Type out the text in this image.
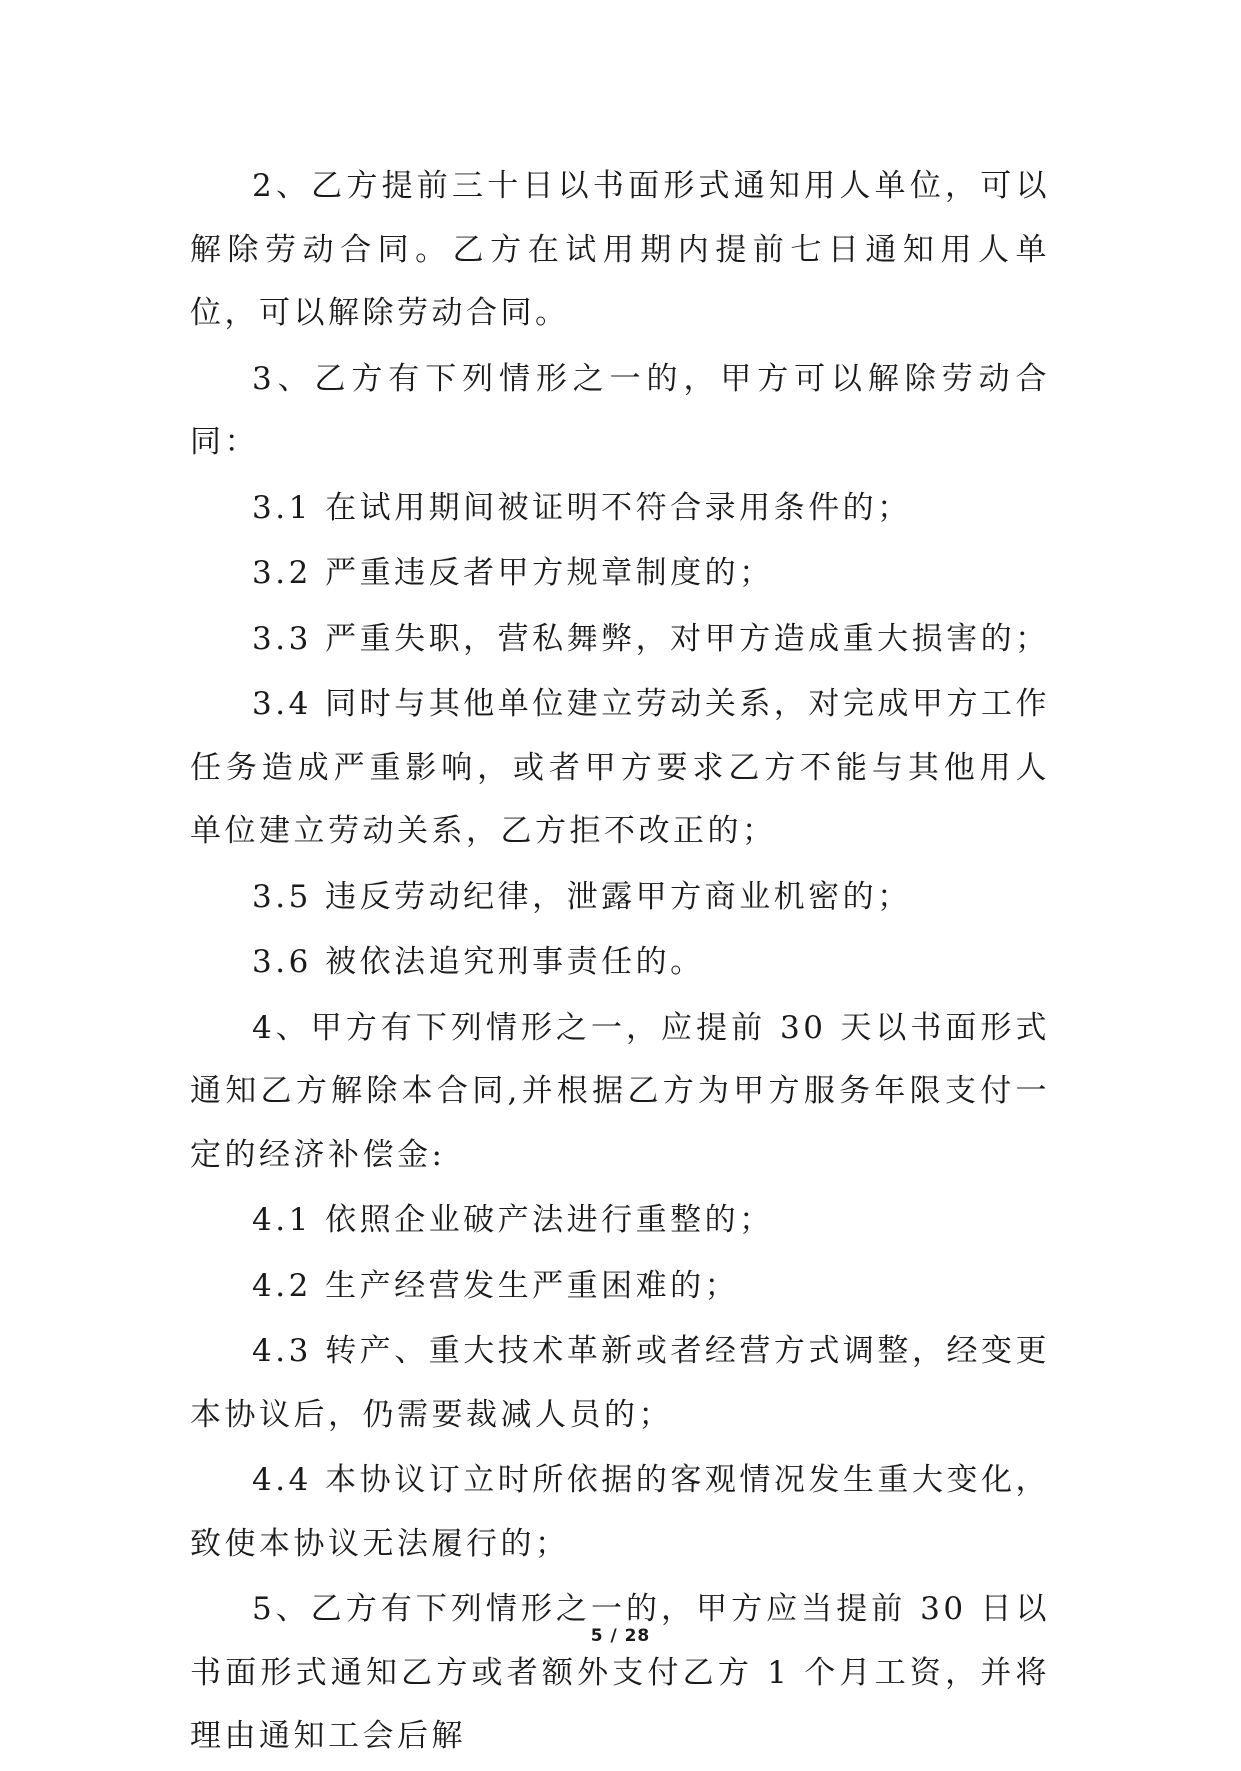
2、乙方提前三十日以书面形式通知用人单位，可以解除劳动合同。乙方在试用期内提前七日通知用人单位，可以解除劳动合同。

3、乙方有下列情形之一的，甲方可以解除劳动合同：

3.1 在试用期间被证明不符合录用条件的；

3.2 严重违反者甲方规章制度的；

3.3 严重失职，营私舞弊，对甲方造成重大损害的；

3.4 同时与其他单位建立劳动关系，对完成甲方工作任务造成严重影响，或者甲方要求乙方不能与其他用人单位建立劳动关系，乙方拒不改正的；

3.5 违反劳动纪律，泄露甲方商业机密的；

3.6 被依法追究刑事责任的。

4、甲方有下列情形之一，应提前 30 天以书面形式通知乙方解除本合同,并根据乙方为甲方服务年限支付一定的经济补偿金:

4.1 依照企业破产法进行重整的；

4.2 生产经营发生严重困难的；

4.3 转产、重大技术革新或者经营方式调整，经变更本协议后，仍需要裁减人员的；

4.4 本协议订立时所依据的客观情况发生重大变化，致使本协议无法履行的；

5、乙方有下列情形之一的，甲方应当提前 30 日以书面形式通知乙方或者额外支付乙方 1 个月工资，并将理由通知工会后解

5 / 28
